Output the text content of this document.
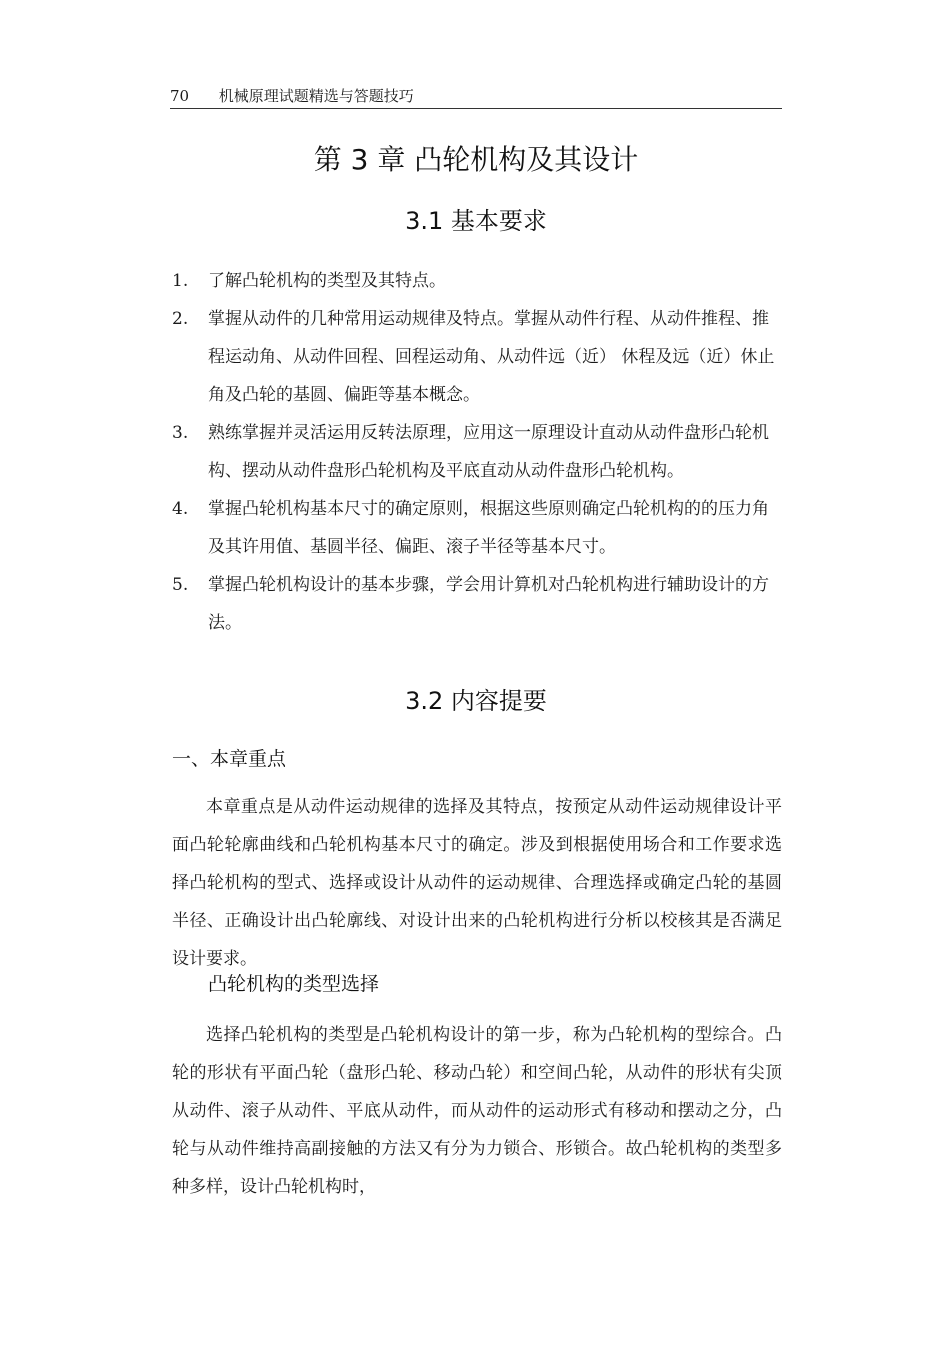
70 机械原理试题精选与答题技巧
第 3 章 凸轮机构及其设计
3.1 基本要求
1. 了解凸轮机构的类型及其特点。
2. 掌握从动件的几种常用运动规律及特点。掌握从动件行程、从动件推程、推程运动角、从动件回程、回程运动角、从动件远（近） 休程及远（近）休止角及凸轮的基圆、偏距等基本概念。
3. 熟练掌握并灵活运用反转法原理，应用这一原理设计直动从动件盘形凸轮机构、摆动从动件盘形凸轮机构及平底直动从动件盘形凸轮机构。
4. 掌握凸轮机构基本尺寸的确定原则，根据这些原则确定凸轮机构的的压力角及其许用值、基圆半径、偏距、滚子半径等基本尺寸。
5. 掌握凸轮机构设计的基本步骤，学会用计算机对凸轮机构进行辅助设计的方法。
3.2 内容提要
一、本章重点

本章重点是从动件运动规律的选择及其特点，按预定从动件运动规律设计平面凸轮轮廓曲线和凸轮机构基本尺寸的确定。涉及到根据使用场合和工作要求选择凸轮机构的型式、选择或设计从动件的运动规律、合理选择或确定凸轮的基圆半径、正确设计出凸轮廓线、对设计出来的凸轮机构进行分析以校核其是否满足设计要求。

凸轮机构的类型选择

选择凸轮机构的类型是凸轮机构设计的第一步，称为凸轮机构的型综合。凸轮的形状有平面凸轮（盘形凸轮、移动凸轮）和空间凸轮，从动件的形状有尖顶从动件、滚子从动件、平底从动件，而从动件的运动形式有移动和摆动之分，凸轮与从动件维持高副接触的方法又有分为力锁合、形锁合。故凸轮机构的类型多种多样，设计凸轮机构时，
